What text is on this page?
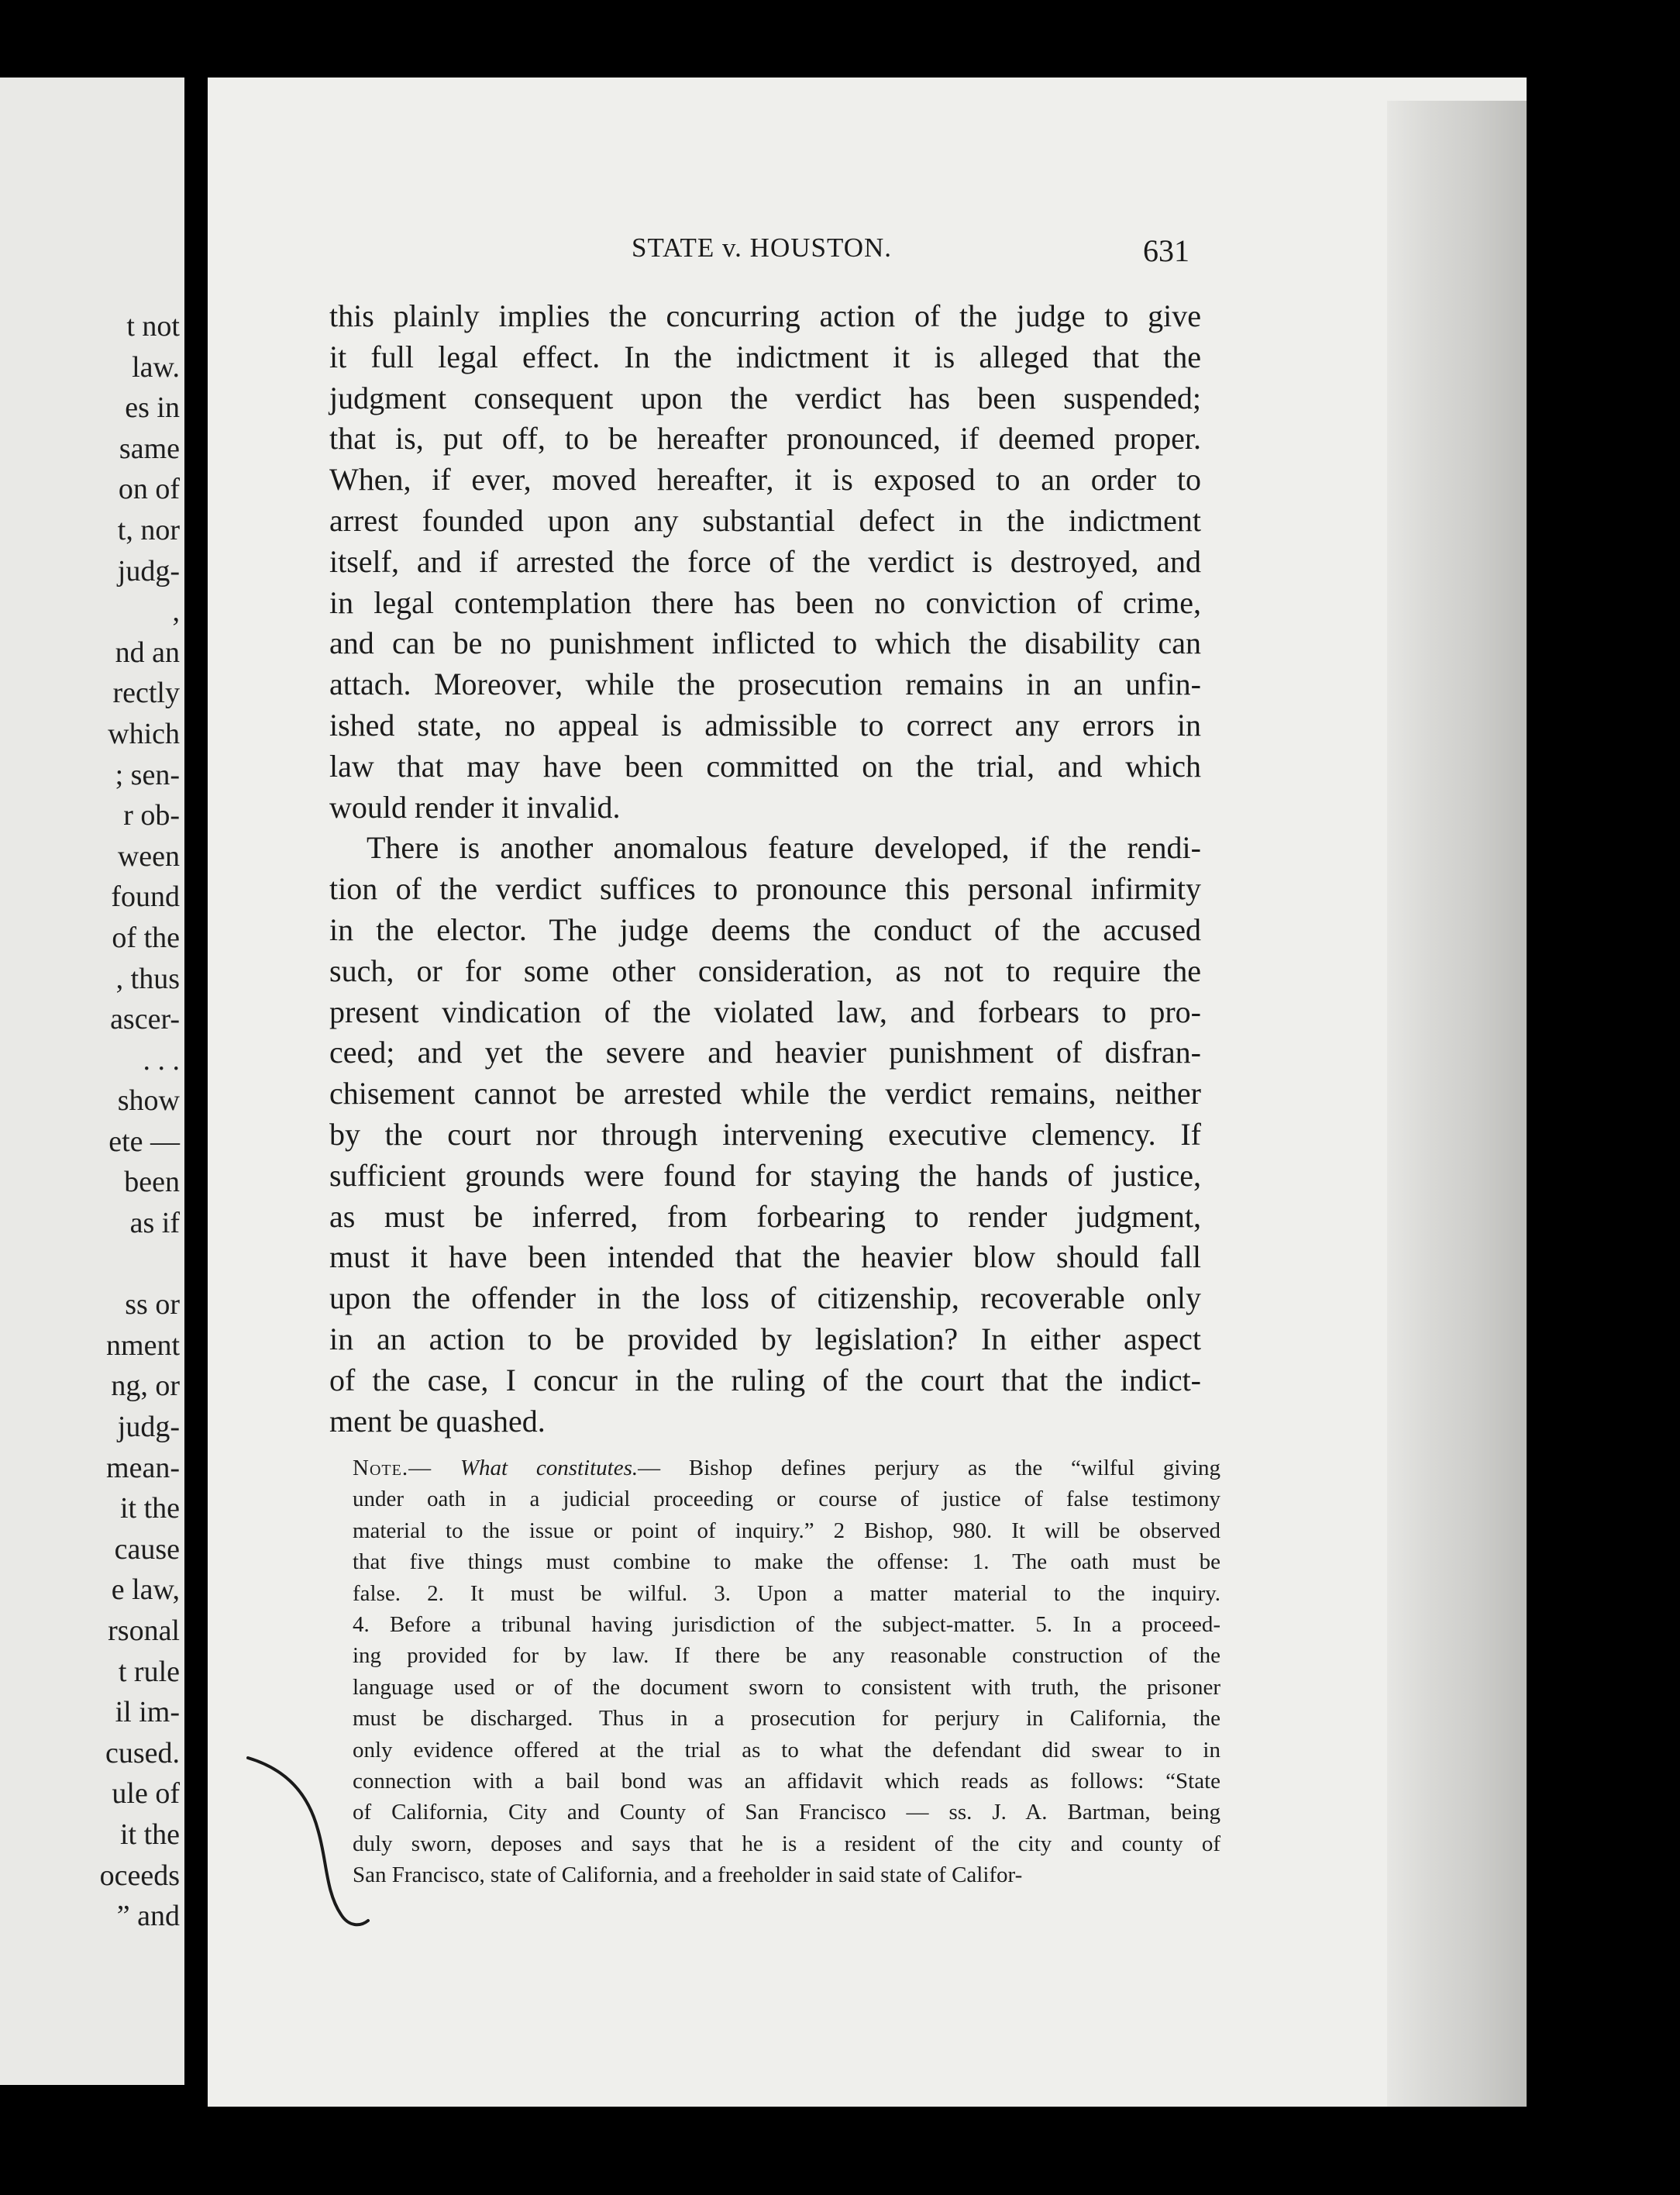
t not
law.
es in
same
on of
t, nor
judg-
,
nd an
rectly
which
; sen-
r ob-
ween
found
of the
, thus
ascer-
. . .
show
ete —
been
as if
ss or
nment
ng, or
judg-
mean-
it the
cause
e law,
rsonal
t rule
il im-
cused.
ule of
it the
oceeds
” and
STATE v. HOUSTON.	631
this plainly implies the concurring action of the judge to give
it full legal effect. In the indictment it is alleged that the
judgment consequent upon the verdict has been suspended;
that is, put off, to be hereafter pronounced, if deemed proper.
When, if ever, moved hereafter, it is exposed to an order to
arrest founded upon any substantial defect in the indictment
itself, and if arrested the force of the verdict is destroyed, and
in legal contemplation there has been no conviction of crime,
and can be no punishment inflicted to which the disability can
attach. Moreover, while the prosecution remains in an unfin-
ished state, no appeal is admissible to correct any errors in
law that may have been committed on the trial, and which
would render it invalid.
There is another anomalous feature developed, if the rendi-
tion of the verdict suffices to pronounce this personal infirmity
in the elector. The judge deems the conduct of the accused
such, or for some other consideration, as not to require the
present vindication of the violated law, and forbears to pro-
ceed; and yet the severe and heavier punishment of disfran-
chisement cannot be arrested while the verdict remains, neither
by the court nor through intervening executive clemency. If
sufficient grounds were found for staying the hands of justice,
as must be inferred, from forbearing to render judgment,
must it have been intended that the heavier blow should fall
upon the offender in the loss of citizenship, recoverable only
in an action to be provided by legislation? In either aspect
of the case, I concur in the ruling of the court that the indict-
ment be quashed.
Note.— What constitutes.— Bishop defines perjury as the “wilful giving
under oath in a judicial proceeding or course of justice of false testimony
material to the issue or point of inquiry.” 2 Bishop, 980. It will be observed
that five things must combine to make the offense: 1. The oath must be
false. 2. It must be wilful. 3. Upon a matter material to the inquiry.
4. Before a tribunal having jurisdiction of the subject-matter. 5. In a proceed-
ing provided for by law. If there be any reasonable construction of the
language used or of the document sworn to consistent with truth, the prisoner
must be discharged. Thus in a prosecution for perjury in California, the
only evidence offered at the trial as to what the defendant did swear to in
connection with a bail bond was an affidavit which reads as follows: “State
of California, City and County of San Francisco — ss. J. A. Bartman, being
duly sworn, deposes and says that he is a resident of the city and county of
San Francisco, state of California, and a freeholder in said state of Califor-
